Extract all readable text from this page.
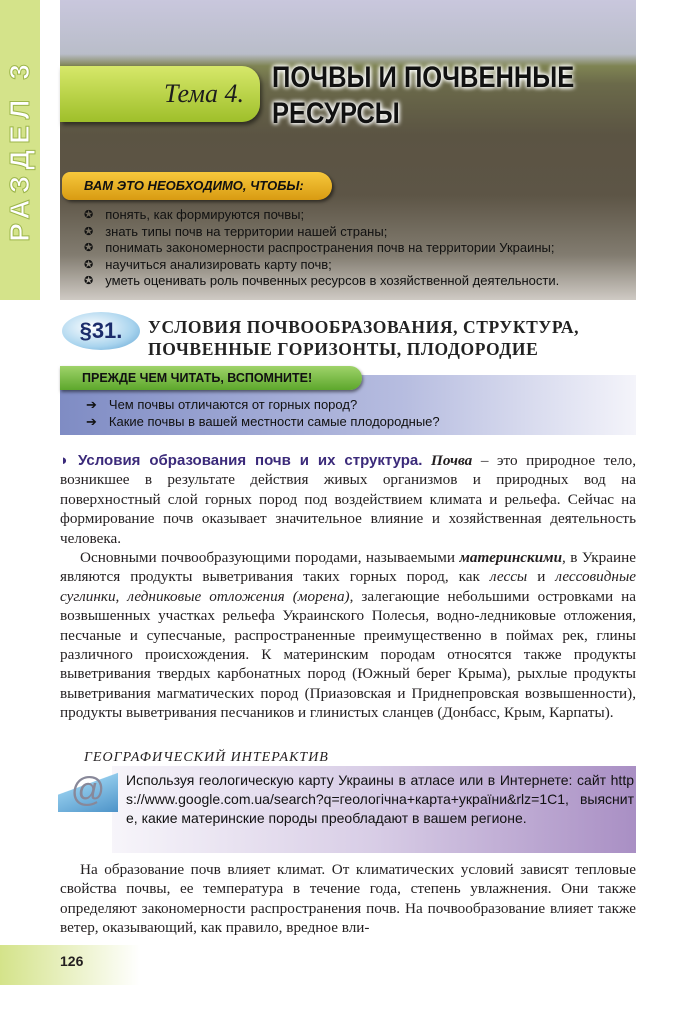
РАЗДЕЛ 3	Тема 4. ПОЧВЫ И ПОЧВЕННЫЕ
РЕСУРСЫ
ВАМ ЭТО НЕОБХОДИМО, ЧТОБЫ:
✪ понять, как формируются почвы;
✪ знать типы почв на территории нашей страны;
✪ понимать закономерности распространения почв на территории Украины;
✪ научиться анализировать карту почв;
✪ уметь оценивать роль почвенных ресурсов в хозяйственной деятельности.
§31.	УСЛОВИЯ ПОЧВООБРАЗОВАНИЯ, СТРУКТУРА,
ПОЧВЕННЫЕ ГОРИЗОНТЫ, ПЛОДОРОДИЕ
ПРЕЖДЕ ЧЕМ ЧИТАТЬ, ВСПОМНИТЕ!
➔ Чем почвы отличаются от горных пород?
➔ Какие почвы в вашей местности самые плодородные?

◗ Условия образования почв и их структура. Почва – это природное тело, возникшее в результате действия живых организмов и природных вод на поверхностный слой горных пород под воздействием климата и рельефа. Сейчас на формирование почв оказывает значительное влияние и хозяйственная деятельность человека.

Основными почвообразующими породами, называемыми материнскими, в Украине являются продукты выветривания таких горных пород, как лессы и лессовидные суглинки, ледниковые отложения (морена), залегающие небольшими островками на возвышенных участках рельефа Украинского Полесья, водно-ледниковые отложения, песчаные и супесчаные, распространенные преимущественно в поймах рек, глины различного происхождения. К материнским породам относятся также продукты выветривания твердых карбонатных пород (Южный берег Крыма), рыхлые продукты выветривания магматических пород (Приазовская и Приднепровская возвышенности), продукты выветривания песчаников и глинистых сланцев (Донбасс, Крым, Карпаты).

ГЕОГРАФИЧЕСКИЙ ИНТЕРАКТИВ
@	Используя геологическую карту Украины в атласе или в Интернете: сайт https://www.google.com.ua/search?q=геологічна+карта+україни&rlz=1C1, выясните, какие материнские породы преобладают в вашем регионе.

На образование почв влияет климат. От климатических условий зависят тепловые свойства почвы, ее температура в течение года, степень увлажнения. Они также определяют закономерности распространения почв. На почвообразование влияет также ветер, оказывающий, как правило, вредное вли-

126
